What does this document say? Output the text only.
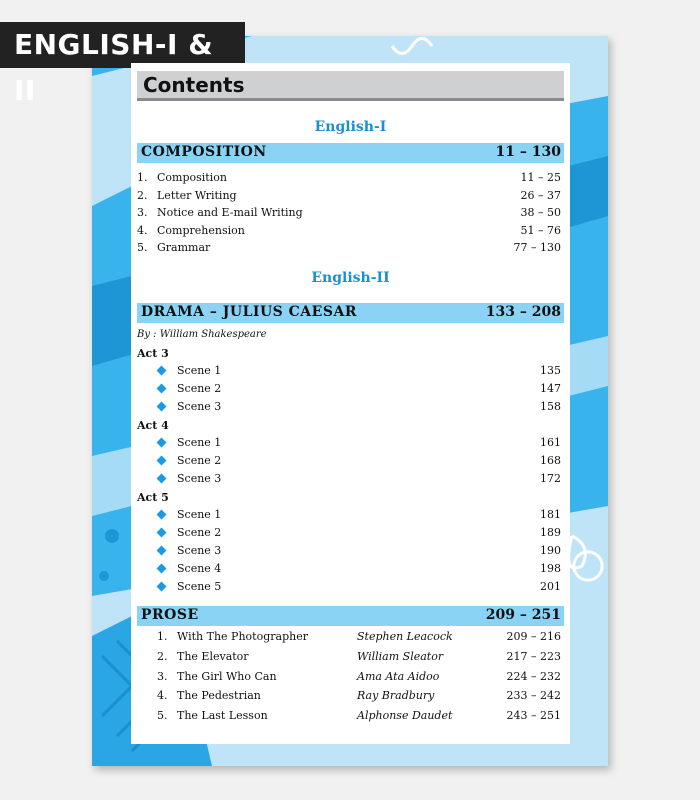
ENGLISH-I & II	Contents
English-I
COMPOSITION	11 – 130
1. Composition	11 – 25
2. Letter Writing	26 – 37
3. Notice and E-mail Writing	38 – 50
4. Comprehension	51 – 76
5. Grammar	77 – 130
English-II
DRAMA – JULIUS CAESAR	133 – 208
By : William Shakespeare
Act 3
Scene 1	135
Scene 2	147
Scene 3	158
Act 4
Scene 1	161
Scene 2	168
Scene 3	172
Act 5
Scene 1	181
Scene 2	189
Scene 3	190
Scene 4	198
Scene 5	201
PROSE	209 – 251
1. With The Photographer	Stephen Leacock	209 – 216
2. The Elevator	William Sleator	217 – 223
3. The Girl Who Can	Ama Ata Aidoo	224 – 232
4. The Pedestrian	Ray Bradbury	233 – 242
5. The Last Lesson	Alphonse Daudet	243 – 251
